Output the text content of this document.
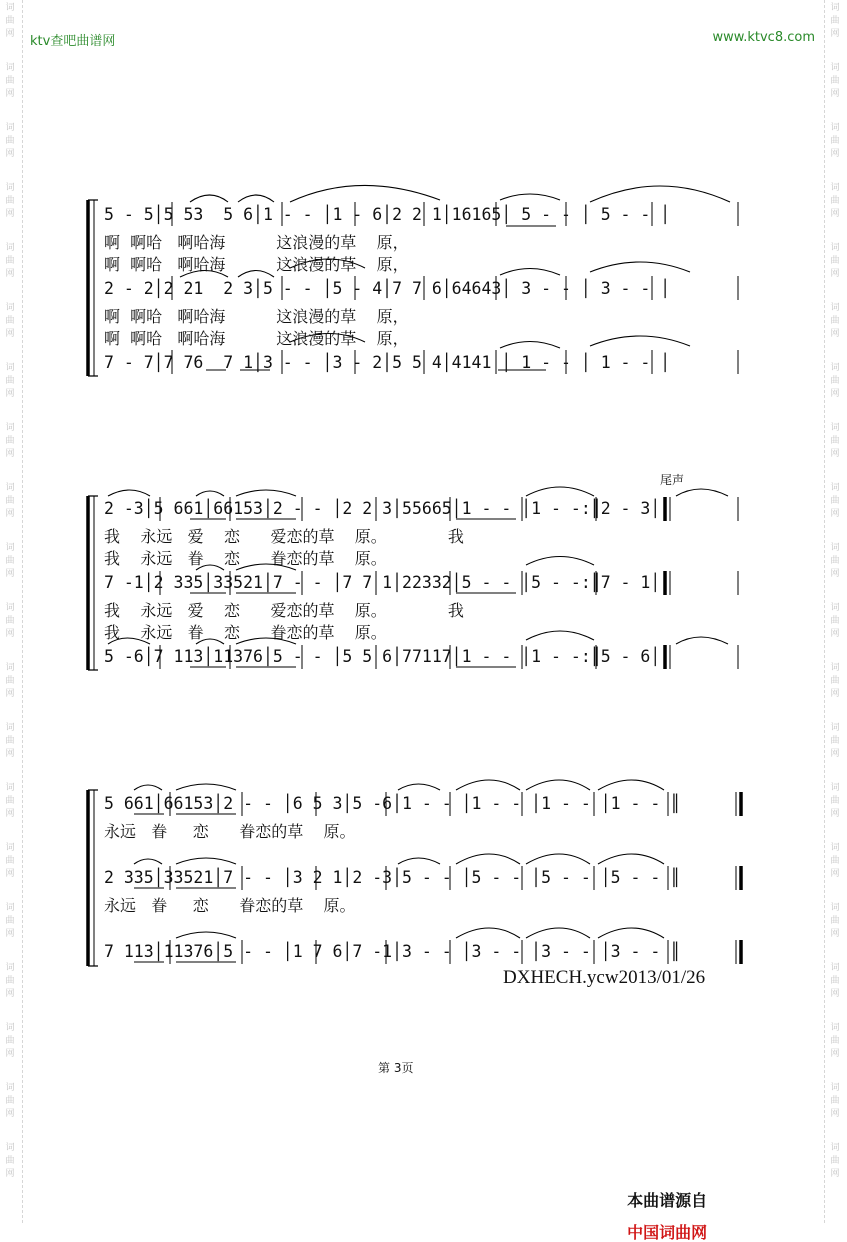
词
曲
网
词
曲
网
词
曲
网
词
曲
网
词
曲
网
词
曲
网
词
曲
网
词
曲
网
词
曲
网
词
曲
网
词
曲
网
词
曲
网
词
曲
网
词
曲
网
词
曲
网
词
曲
网
词
曲
网
词
曲
网
词
曲
网
词
曲
网
词
曲
网
词
曲
网
词
曲
网
词
曲
网
词
曲
网
词
曲
网
词
曲
网
词
曲
网
词
曲
网
词
曲
网
词
曲
网
词
曲
网
词
曲
网
词
曲
网
词
曲
网
词
曲
网
词
曲
网
词
曲
网
词
曲
网
词
曲
网
ktv查吧曲谱网	www.ktvc8.com
5 - 5│5 53  5 6│1 - - │1 - 6│2 2 1│16165│ 5 - - │ 5 - - │
啊  啊哈   啊哈海          这浪漫的草    原，
啊  啊哈   啊哈海          这浪漫的草    原，
2 - 2│2 21  2 3│5 - - │5 - 4│7 7 6│64643│ 3 - - │ 3 - - │
啊  啊哈   啊哈海          这浪漫的草    原，
啊  啊哈   啊哈海          这浪漫的草    原，
7 - 7│7 76  7 1│3 - - │3 - 2│5 5 4│4141 │ 1 - - │ 1 - - │
尾声
2 -3│5 661│66153│2 - - │2 2 3│55665│1 - - │1 - -:║2 - 3│
我    永远   爱    恋      爱恋的草    原。            我
我    永远   眷    恋      眷恋的草    原。
7 -1│2 335│33521│7 - - │7 7 1│22332│5 - - │5 - -:║7 - 1│
我    永远   爱    恋      爱恋的草    原。            我
我    永远   眷    恋      眷恋的草    原。
5 -6│7 113│11376│5 - - │5 5 6│77117│1 - - │1 - -:║5 - 6│
5 661│66153│2 - - │6 5 3│5 -6│1 - - │1 - - │1 - - │1 - - ║
永远   眷     恋      眷恋的草    原。
2 335│33521│7 - - │3 2 1│2 -3│5 - - │5 - - │5 - - │5 - - ║
永远   眷     恋      眷恋的草    原。
7 113│11376│5 - - │1 7 6│7 -1│3 - - │3 - - │3 - - │3 - - ║
DXHECH.ycw2013/01/26
第 3页

本曲谱源自

中国词曲网
